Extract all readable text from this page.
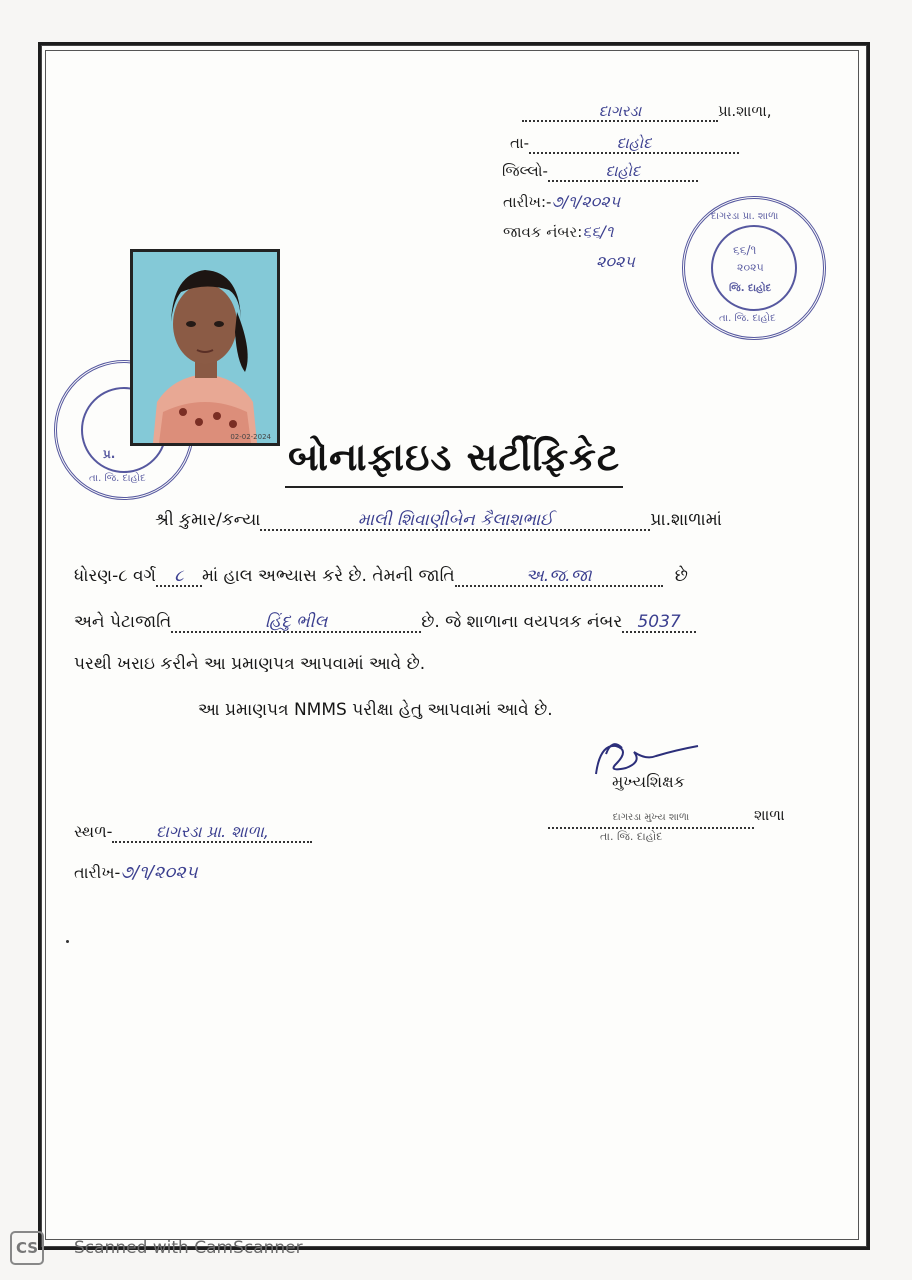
દાગરડા	પ્રા.શાળા,
તા-	દાહોદ
જિલ્લો-	દાહોદ
તારીખ:-૭/૧/૨૦૨૫
જાવક નંબર:૬૬/૧
૨૦૨૫
દાગરડા પ્રા. શાળા
૬૬/૧
૨૦૨૫
જિ. દાહોદ
તા. જિ. દાહોદ
પ્ર.
તા. જિ. દાહોદ
02-02-2024 બોનાફાઇડ સર્ટીફિકેટ
શ્રી કુમાર/કન્યા	માલી શિવાણીબેન કૈલાશભાઈ	પ્રા.શાળામાં
ધોરણ-૮ વર્ગ ૮ માં હાલ અભ્યાસ કરે છે. તેમની જાતિ	અ.જ.જા	છે
અને પેટાજાતિ	હિંદુ ભીલ	છે. જે શાળાના વયપત્રક નંબર 5037
પરથી ખરાઇ કરીને આ પ્રમાણપત્ર આપવામાં આવે છે.
આ પ્રમાણપત્ર NMMS પરીક્ષા હેતુ આપવામાં આવે છે.
મુખ્યશિક્ષક
દાગરડા મુખ્ય શાળા	શાળા
તા. જિ. દાહોદ
સ્થળ-	દાગરડા પ્રા. શાળા,
તારીખ-૭/૧/૨૦૨૫
CS	Scanned with CamScanner
